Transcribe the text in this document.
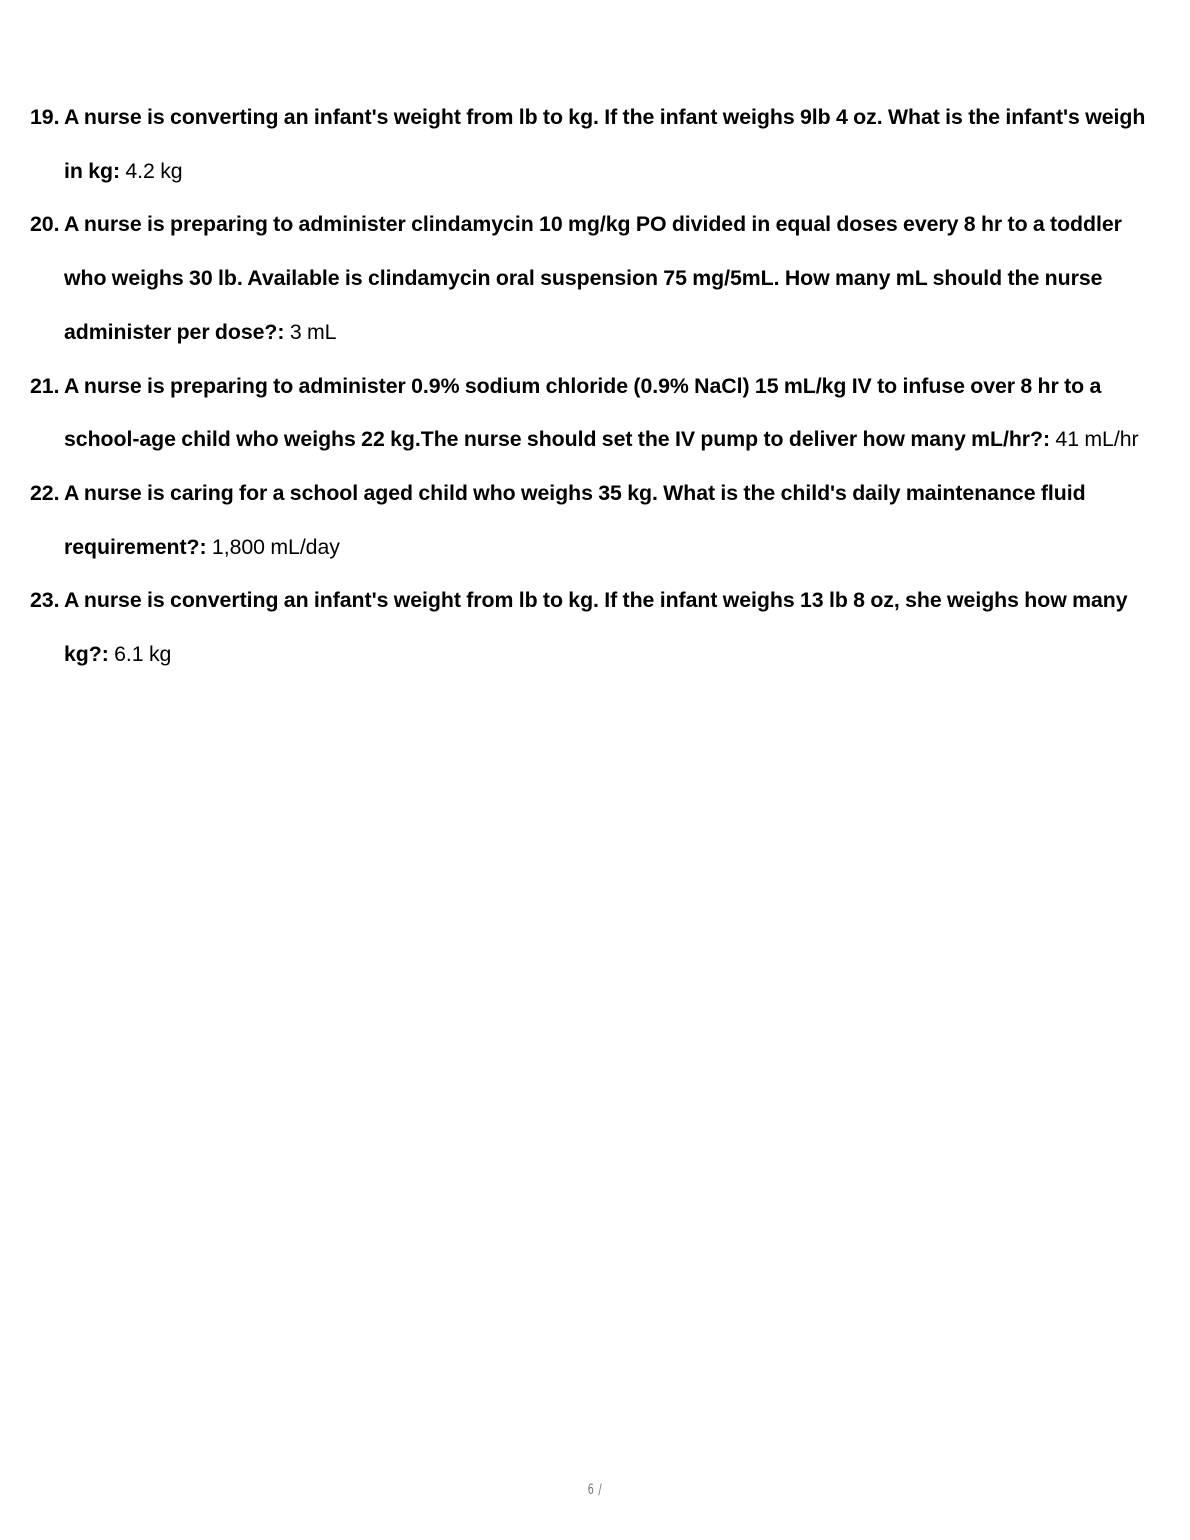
19. A nurse is converting an infant's weight from lb to kg. If the infant weighs 9lb 4 oz. What is the infant's weigh in kg: 4.2 kg
20. A nurse is preparing to administer clindamycin 10 mg/kg PO divided in equal doses every 8 hr to a toddler who weighs 30 lb. Available is clindamycin oral suspension 75 mg/5mL. How many mL should the nurse administer per dose?: 3 mL
21. A nurse is preparing to administer 0.9% sodium chloride (0.9% NaCl) 15 mL/kg IV to infuse over 8 hr to a school-age child who weighs 22 kg.The nurse should set the IV pump to deliver how many mL/hr?: 41 mL/hr
22. A nurse is caring for a school aged child who weighs 35 kg. What is the child's daily maintenance fluid requirement?: 1,800 mL/day
23. A nurse is converting an infant's weight from lb to kg. If the infant weighs 13 lb 8 oz, she weighs how many kg?: 6.1 kg
6 /
